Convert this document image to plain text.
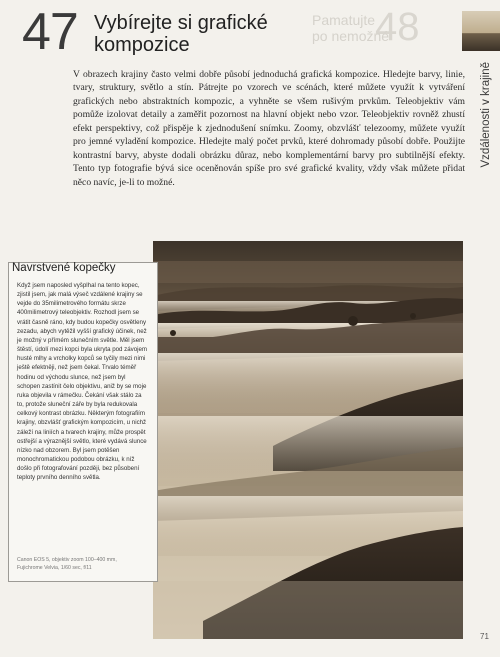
47 Vybírejte si grafické kompozice	48
Pamatujte
po nemožné
V obrazech krajiny často velmi dobře působí jednoduchá grafická kompozice. Hledejte barvy, linie, tvary, struktury, světlo a stín. Pátrejte po vzorech ve scénách, které můžete využít k vytváření grafických nebo abstraktních kompozic, a vyhněte se všem rušivým prvkům. Teleobjektiv vám pomůže izolovat detaily a zaměřit pozornost na hlavní objekt nebo vzor. Teleobjektiv rovněž zhustí efekt perspektivy, což přispěje k zjednodušení snímku. Zoomy, obzvlášť telezoomy, můžete využít pro jemné vyladění kompozice. Hledejte malý počet prvků, které dohromady působí dobře. Použijte kontrastní barvy, abyste dodali obrázku důraz, nebo komplementární barvy pro subtilnější efekty. Tento typ fotografie bývá sice oceněnován spíše pro své grafické kvality, vždy však můžete přidat něco navíc, je-li to možné.
Vzdálenosti v krajině
Navrstvené kopečky
Když jsem naposled vyšplhal na tento kopec, zjistil jsem, jak malá výseč vzdálené krajiny se vejde do 35milimetrového formátu skrze 400milimetrový teleobjektiv. Rozhodl jsem se vrátit časně ráno, kdy budou kopečky osvětleny zezadu, abych vytěžil vyšší grafický účinek, než je možný v přímém slunečním světle. Měl jsem štěstí, údolí mezi kopci byla ukryta pod závojem husté mlhy a vrcholky kopců se tyčily mezi nimi ještě efektněji, než jsem čekal. Trvalo téměř hodinu od východu slunce, než jsem byl schopen zastínit čelo objektivu, aniž by se moje ruka objevila v rámečku. Čekání však stálo za to, protože sluneční záře by byla redukovala celkový kontrast obrázku. Některým fotografiím krajiny, obzvlášť grafickým kompozicím, u nichž záleží na liniích a tvarech krajiny, může prospět ostřejší a výraznější světlo, které vydává slunce nízko nad obzorem. Byl jsem potěšen monochromatickou podobou obrázku, k níž došlo při fotografování později, bez působení teploty prvního denního světla.
Canon EOS 5, objektiv zoom 100–400 mm,
Fujichrome Velvia, 1/60 sec, f/11
71
